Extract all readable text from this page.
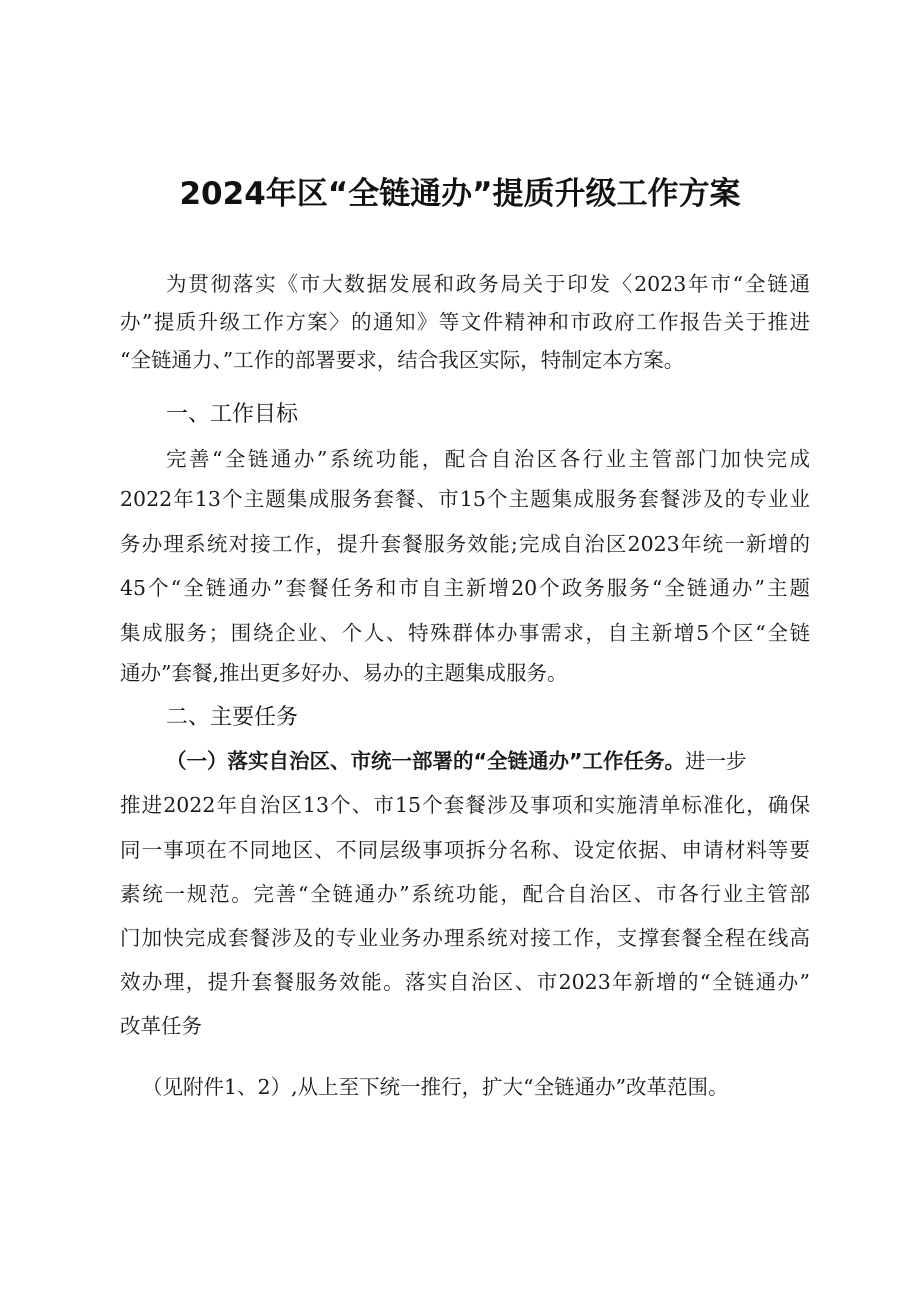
2024年区“全链通办”提质升级工作方案
为贯彻落实《市大数据发展和政务局关于印发〈2023年市“全链通
办”提质升级工作方案〉的通知》等文件精神和市政府工作报告关于推进
“全链通力、”工作的部署要求，结合我区实际，特制定本方案。
一、工作目标
完善“全链通办”系统功能，配合自治区各行业主管部门加快完成
2022年13个主题集成服务套餐、市15个主题集成服务套餐涉及的专业业
务办理系统对接工作，提升套餐服务效能;完成自治区2023年统一新增的
45个“全链通办”套餐任务和市自主新增20个政务服务“全链通办”主题
集成服务；围绕企业、个人、特殊群体办事需求，自主新增5个区“全链
通办”套餐,推出更多好办、易办的主题集成服务。
二、主要任务
（一）落实自治区、市统一部署的“全链通办”工作任务。进一步
推进2022年自治区13个、市15个套餐涉及事项和实施清单标准化，确保
同一事项在不同地区、不同层级事项拆分名称、设定依据、申请材料等要
素统一规范。完善“全链通办”系统功能，配合自治区、市各行业主管部
门加快完成套餐涉及的专业业务办理系统对接工作，支撑套餐全程在线高
效办理，提升套餐服务效能。落实自治区、市2023年新增的“全链通办”
改革任务
（见附件1、2）,从上至下统一推行，扩大“全链通办”改革范围。
